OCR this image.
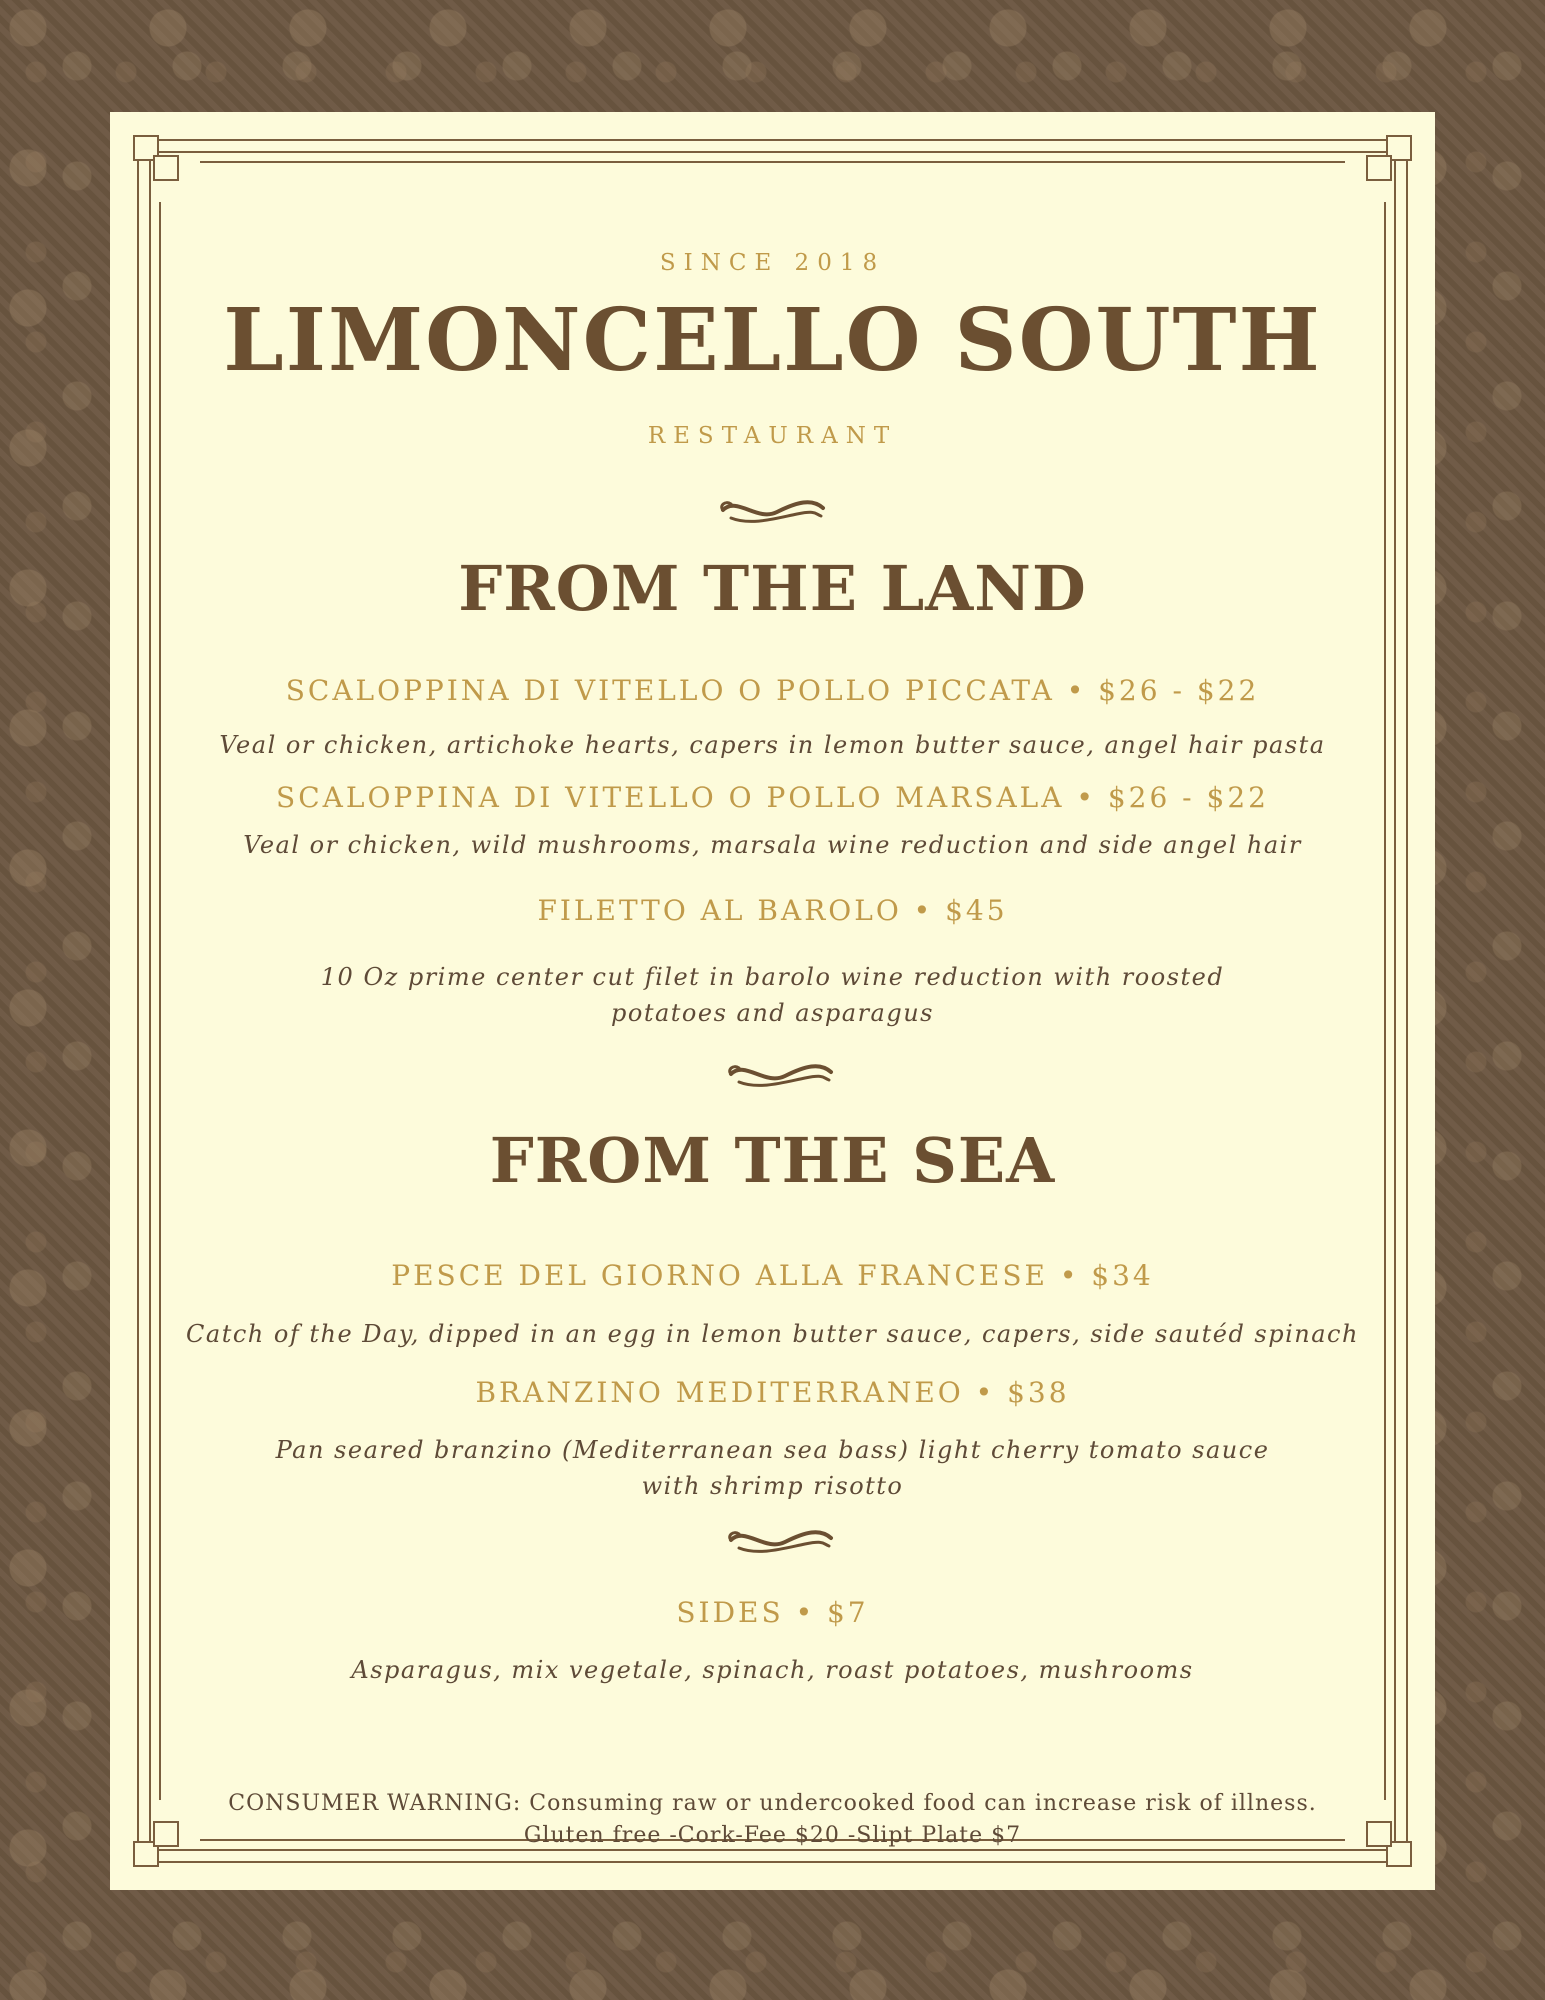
SINCE 2018

LIMONCELLO SOUTH

RESTAURANT

FROM THE LAND

SCALOPPINA DI VITELLO O POLLO PICCATA • $26 - $22

Veal or chicken, artichoke hearts, capers in lemon butter sauce, angel hair pasta

SCALOPPINA DI VITELLO O POLLO MARSALA • $26 - $22

Veal or chicken, wild mushrooms, marsala wine reduction and side angel hair

FILETTO AL BAROLO • $45

10 Oz prime center cut filet in barolo wine reduction with roosted

potatoes and asparagus

FROM THE SEA

PESCE DEL GIORNO ALLA FRANCESE • $34

Catch of the Day, dipped in an egg in lemon butter sauce, capers, side sautéd spinach

BRANZINO MEDITERRANEO • $38

Pan seared branzino (Mediterranean sea bass) light cherry tomato sauce

with shrimp risotto

SIDES • $7

Asparagus, mix vegetale, spinach, roast potatoes, mushrooms

CONSUMER WARNING: Consuming raw or undercooked food can increase risk of illness.

Gluten free -Cork-Fee $20 -Slipt Plate $7
